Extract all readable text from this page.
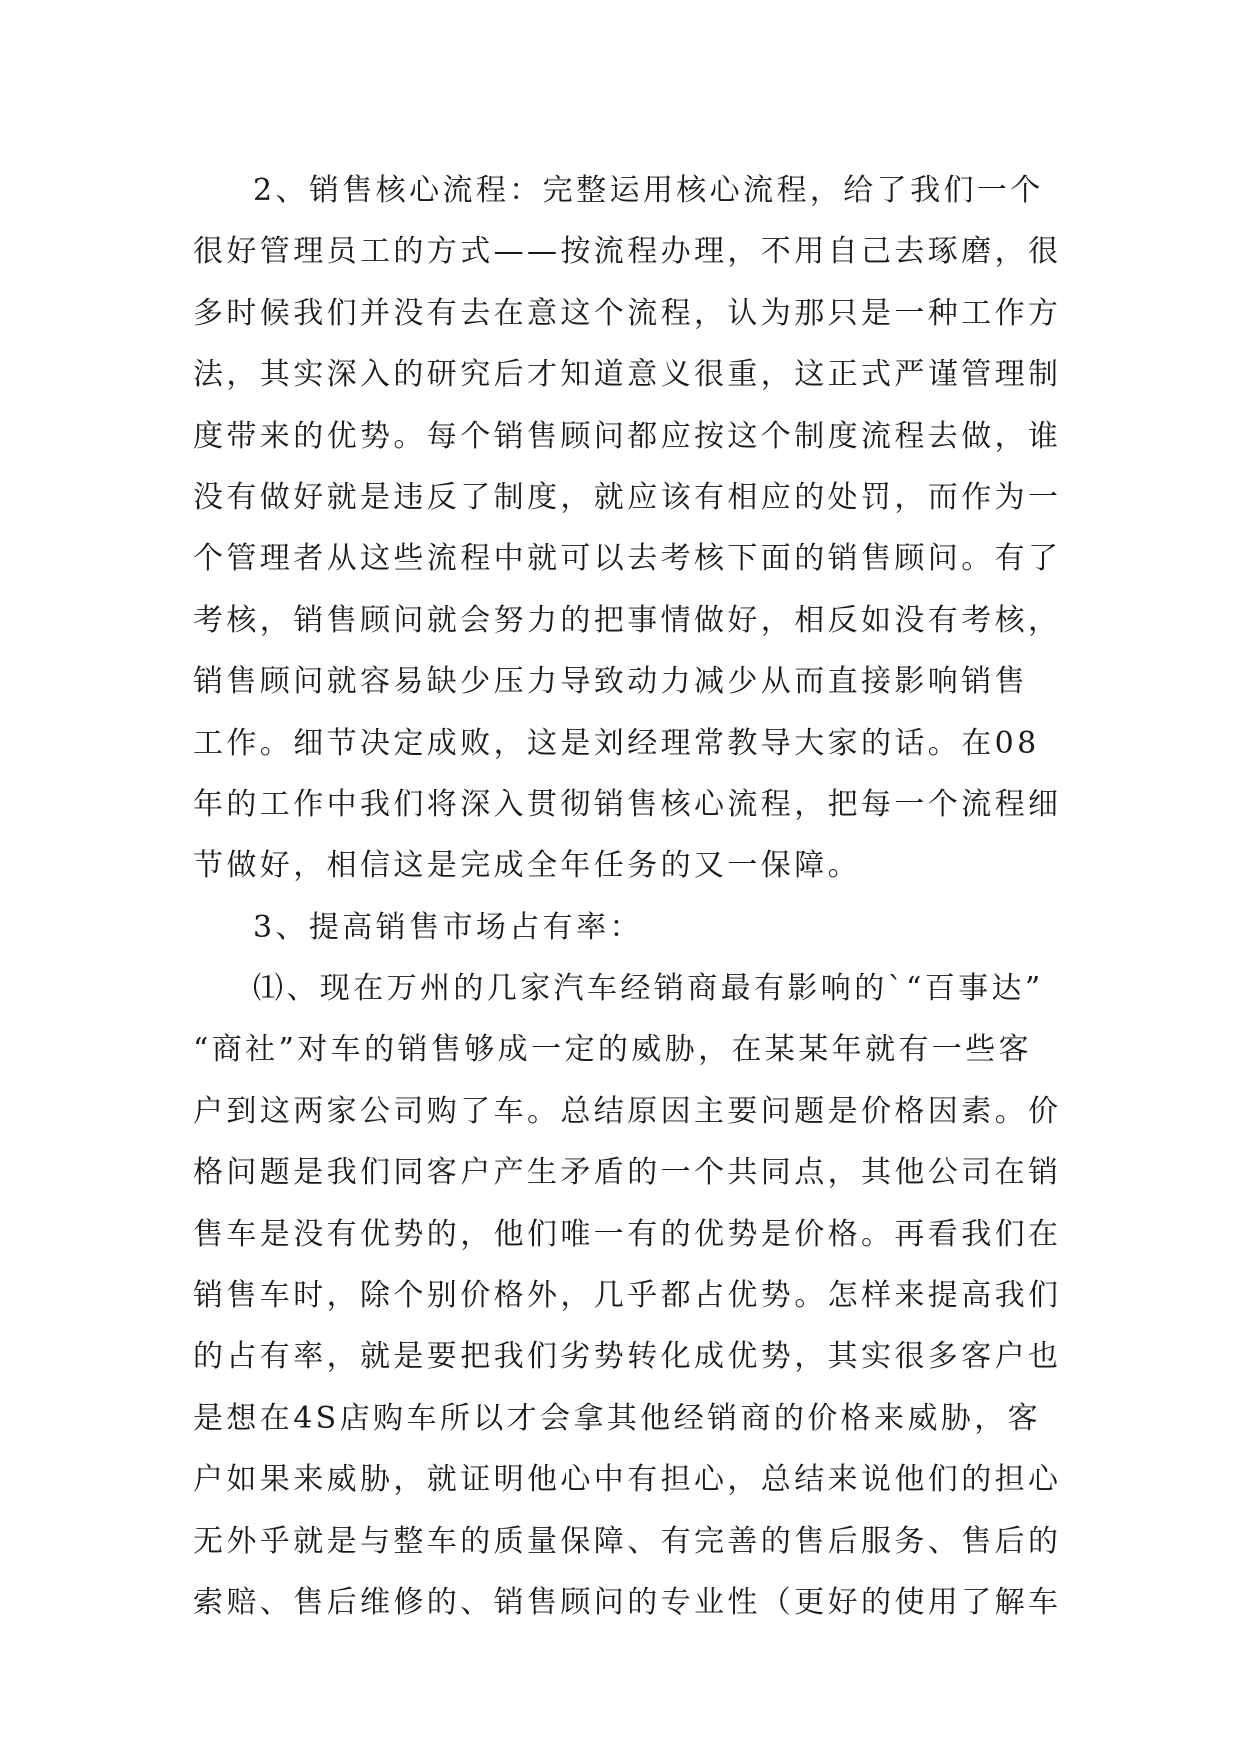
2、销售核心流程：完整运用核心流程，给了我们一个
很好管理员工的方式——按流程办理，不用自己去琢磨，很
多时候我们并没有去在意这个流程，认为那只是一种工作方
法，其实深入的研究后才知道意义很重，这正式严谨管理制
度带来的优势。每个销售顾问都应按这个制度流程去做，谁
没有做好就是违反了制度，就应该有相应的处罚，而作为一
个管理者从这些流程中就可以去考核下面的销售顾问。有了
考核，销售顾问就会努力的把事情做好，相反如没有考核，
销售顾问就容易缺少压力导致动力减少从而直接影响销售
工作。细节决定成败，这是刘经理常教导大家的话。在08
年的工作中我们将深入贯彻销售核心流程，把每一个流程细
节做好，相信这是完成全年任务的又一保障。
3、提高销售市场占有率：
⑴、现在万州的几家汽车经销商最有影响的`“百事达”
“商社”对车的销售够成一定的威胁，在某某年就有一些客
户到这两家公司购了车。总结原因主要问题是价格因素。价
格问题是我们同客户产生矛盾的一个共同点，其他公司在销
售车是没有优势的，他们唯一有的优势是价格。再看我们在
销售车时，除个别价格外，几乎都占优势。怎样来提高我们
的占有率，就是要把我们劣势转化成优势，其实很多客户也
是想在4S店购车所以才会拿其他经销商的价格来威胁，客
户如果来威胁，就证明他心中有担心，总结来说他们的担心
无外乎就是与整车的质量保障、有完善的售后服务、售后的
索赔、售后维修的、销售顾问的专业性（更好的使用了解车
